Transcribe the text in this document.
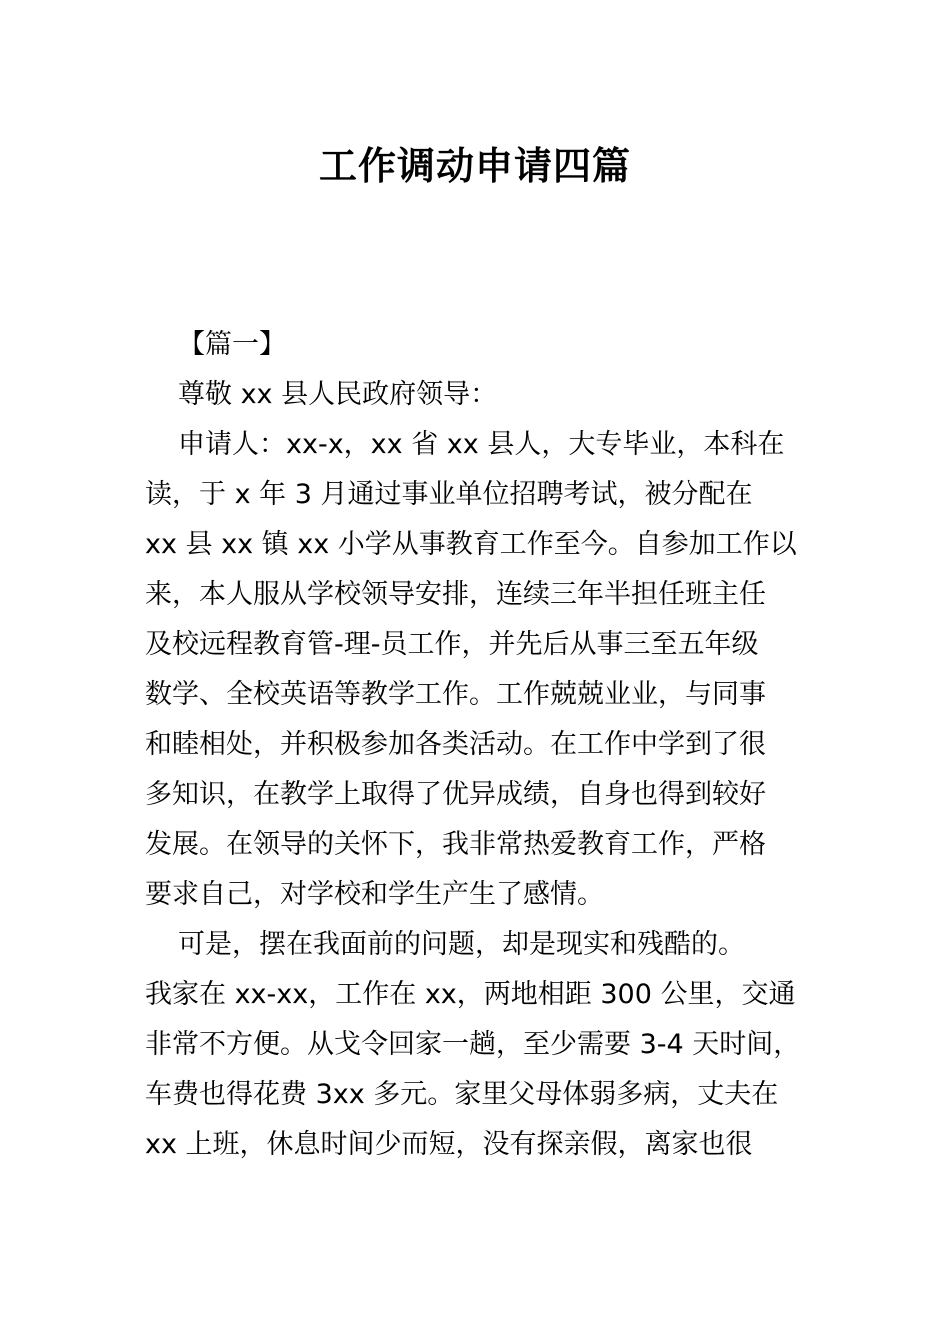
工作调动申请四篇
【篇一】
尊敬 xx 县人民政府领导：
申请人：xx-x，xx 省 xx 县人，大专毕业，本科在
读，于 x 年 3 月通过事业单位招聘考试，被分配在
xx 县 xx 镇 xx 小学从事教育工作至今。自参加工作以
来，本人服从学校领导安排，连续三年半担任班主任
及校远程教育管-理-员工作，并先后从事三至五年级
数学、全校英语等教学工作。工作兢兢业业，与同事
和睦相处，并积极参加各类活动。在工作中学到了很
多知识，在教学上取得了优异成绩，自身也得到较好
发展。在领导的关怀下，我非常热爱教育工作，严格
要求自己，对学校和学生产生了感情。
可是，摆在我面前的问题，却是现实和残酷的。
我家在 xx-xx，工作在 xx，两地相距 300 公里，交通
非常不方便。从戈令回家一趟，至少需要 3-4 天时间，
车费也得花费 3xx 多元。家里父母体弱多病，丈夫在
xx 上班，休息时间少而短，没有探亲假，离家也很
